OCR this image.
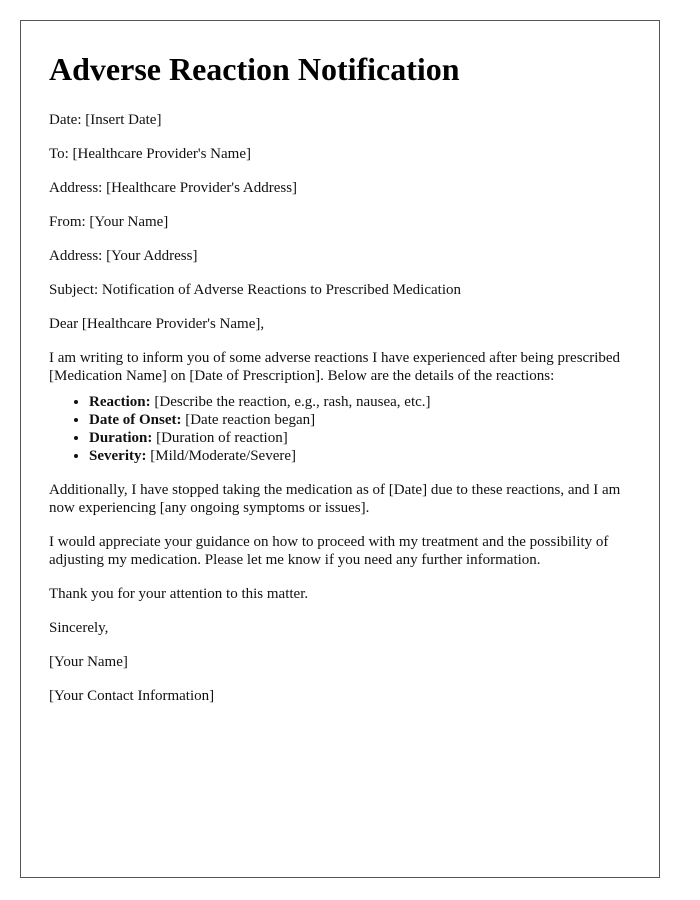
Adverse Reaction Notification

Date: [Insert Date]

To: [Healthcare Provider's Name]

Address: [Healthcare Provider's Address]

From: [Your Name]

Address: [Your Address]

Subject: Notification of Adverse Reactions to Prescribed Medication

Dear [Healthcare Provider's Name],

I am writing to inform you of some adverse reactions I have experienced after being prescribed [Medication Name] on [Date of Prescription]. Below are the details of the reactions:

• Reaction: [Describe the reaction, e.g., rash, nausea, etc.]
• Date of Onset: [Date reaction began]
• Duration: [Duration of reaction]
• Severity: [Mild/Moderate/Severe]

Additionally, I have stopped taking the medication as of [Date] due to these reactions, and I am now experiencing [any ongoing symptoms or issues].

I would appreciate your guidance on how to proceed with my treatment and the possibility of adjusting my medication. Please let me know if you need any further information.

Thank you for your attention to this matter.

Sincerely,

[Your Name]

[Your Contact Information]
